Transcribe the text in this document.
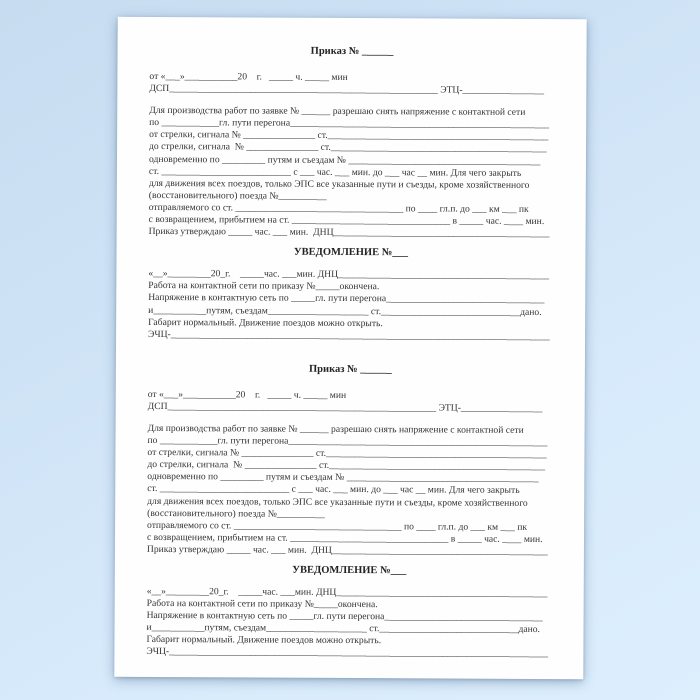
Приказ № ______
от «___»___________20    г.   _____ ч. _____ мин
ДСП________________________________________________________ ЭТЦ-_________________
Для производства работ по заявке № ______ разрешаю снять напряжение с контактной сети
по ____________гл. пути перегона______________________________________________________
от стрелки, сигнала № _______________ ст.______________________________________________
до стрелки, сигнала  № _______________ ст._____________________________________________
одновременно по _________ путям и съездам № ________________________________________
ст. ___________________________ с ___ час. ___ мин. до ___ час __ мин. Для чего закрыть
для движения всех поездов, только ЭПС все указанные пути и съезды, кроме хозяйственного
(восстановительного) поезда №__________
отправляемого со ст. ___________________________________ по ____ гл.п. до ___ км ___ пк
с возвращением, прибытием на ст. _________________________________ в _____ час. ____ мин.
Приказ утверждаю _____ час. ___ мин.  ДНЦ_____________________________________________
УВЕДОМЛЕНИЕ №___
«__»_________20_г.    _____час. ___мин. ДНЦ____________________________________________
Работа на контактной сети по приказу №_____окончена.
Напряжение в контактную сеть по _____гл. пути перегона_________________________________
и___________путям, съездам_____________________ ст._____________________________дано.
Габарит нормальный. Движение поездов можно открыть.
ЭЧЦ-_______________________________________________________________________________
Приказ № ______
от «___»___________20    г.   _____ ч. _____ мин
ДСП________________________________________________________ ЭТЦ-_________________
Для производства работ по заявке № ______ разрешаю снять напряжение с контактной сети
по ____________гл. пути перегона______________________________________________________
от стрелки, сигнала № _______________ ст.______________________________________________
до стрелки, сигнала  № _______________ ст._____________________________________________
одновременно по _________ путям и съездам № ________________________________________
ст. ___________________________ с ___ час. ___ мин. до ___ час __ мин. Для чего закрыть
для движения всех поездов, только ЭПС все указанные пути и съезды, кроме хозяйственного
(восстановительного) поезда №__________
отправляемого со ст. ___________________________________ по ____ гл.п. до ___ км ___ пк
с возвращением, прибытием на ст. _________________________________ в _____ час. ____ мин.
Приказ утверждаю _____ час. ___ мин.  ДНЦ_____________________________________________
УВЕДОМЛЕНИЕ №___
«__»_________20_г.    _____час. ___мин. ДНЦ____________________________________________
Работа на контактной сети по приказу №_____окончена.
Напряжение в контактную сеть по _____гл. пути перегона_________________________________
и___________путям, съездам_____________________ ст._____________________________дано.
Габарит нормальный. Движение поездов можно открыть.
ЭЧЦ-_______________________________________________________________________________
